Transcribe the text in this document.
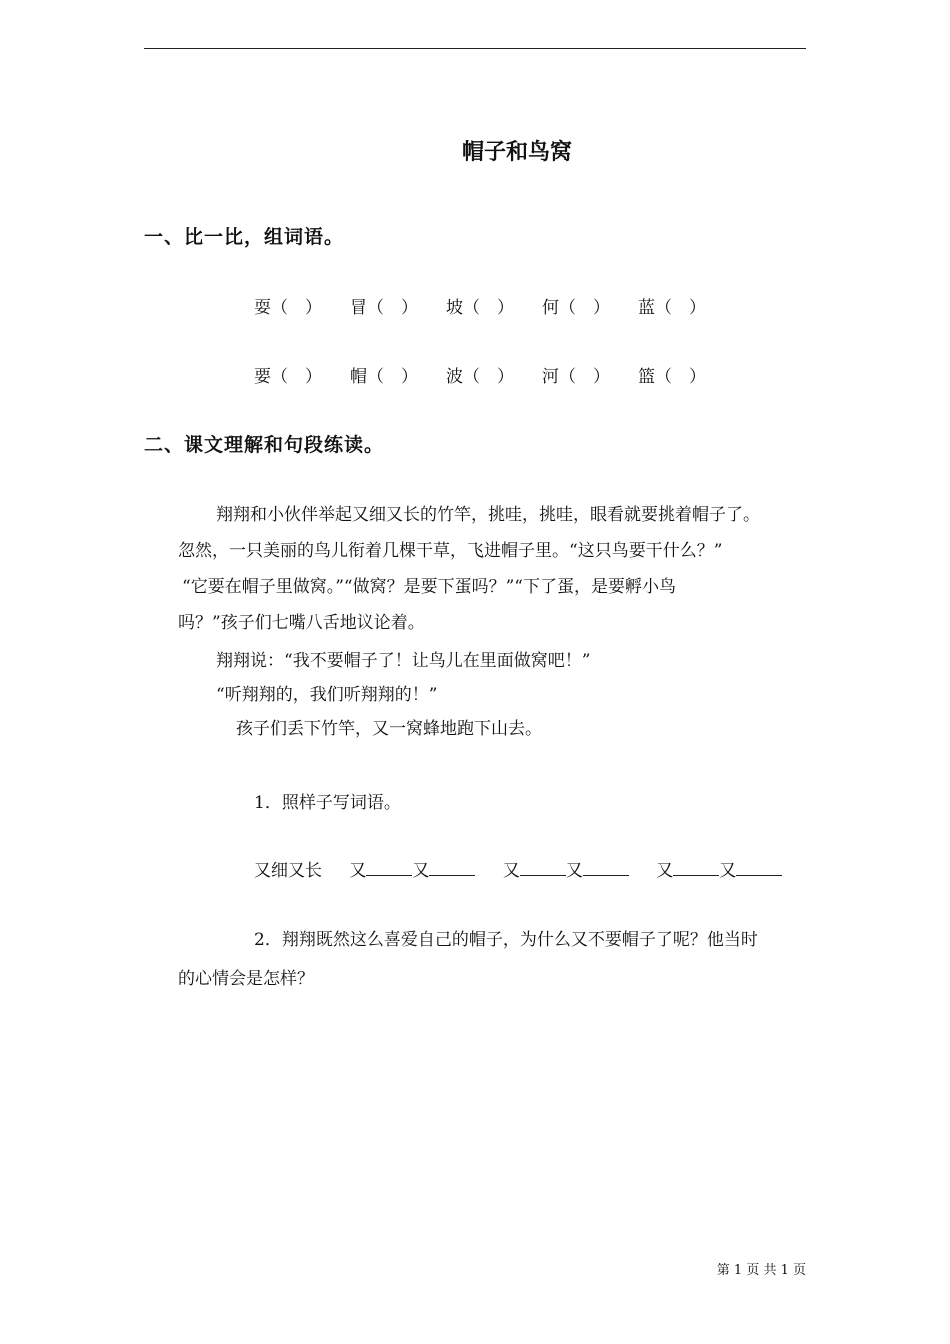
帽子和鸟窝
一、比一比，组词语。
耍（　） 冒（　） 坡（　） 何（　） 蓝（　）
要（　） 帽（　） 波（　） 河（　） 篮（　）
二、课文理解和句段练读。
翔翔和小伙伴举起又细又长的竹竿，挑哇，挑哇，眼看就要挑着帽子了。
忽然，一只美丽的鸟儿衔着几棵干草，飞进帽子里。“这只鸟要干什么？”
“它要在帽子里做窝。”“做窝？是要下蛋吗？”“下了蛋，是要孵小鸟
吗？”孩子们七嘴八舌地议论着。
翔翔说：“我不要帽子了！让鸟儿在里面做窝吧！”
“听翔翔的，我们听翔翔的！”
孩子们丢下竹竿，又一窝蜂地跑下山去。
1．照样子写词语。
又细又长 又	又	又	又	又	又
2．翔翔既然这么喜爱自己的帽子，为什么又不要帽子了呢？他当时
的心情会是怎样？
第 1 页 共 1 页
